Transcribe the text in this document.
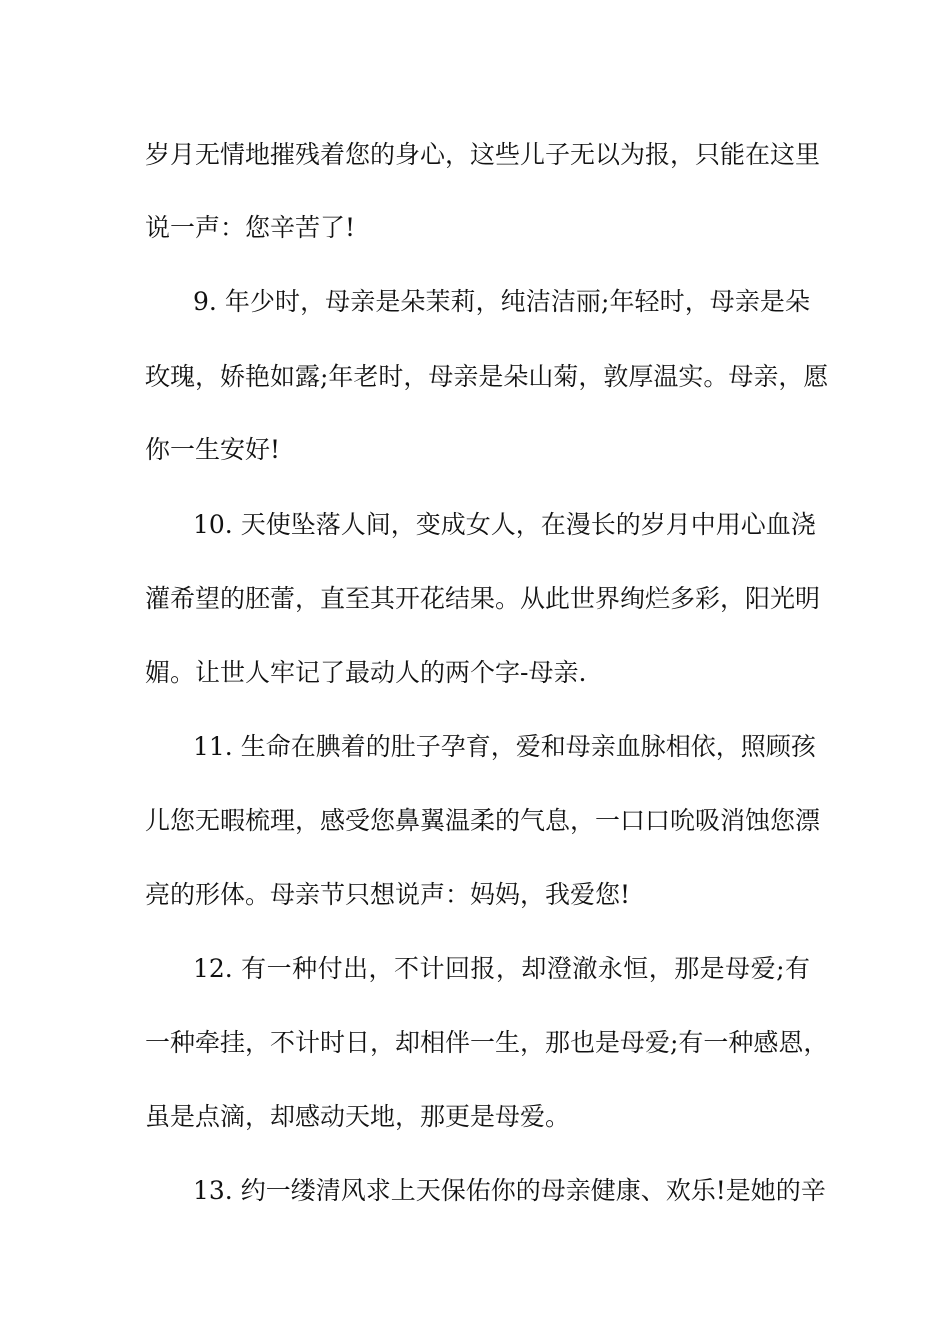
岁月无情地摧残着您的身心，这些儿子无以为报，只能在这里
说一声：您辛苦了!
9. 年少时，母亲是朵茉莉，纯洁洁丽;年轻时，母亲是朵
玫瑰，娇艳如露;年老时，母亲是朵山菊，敦厚温实。母亲，愿
你一生安好!
10. 天使坠落人间，变成女人，在漫长的岁月中用心血浇
灌希望的胚蕾，直至其开花结果。从此世界绚烂多彩，阳光明
媚。让世人牢记了最动人的两个字-母亲.
11. 生命在腆着的肚子孕育，爱和母亲血脉相依，照顾孩
儿您无暇梳理，感受您鼻翼温柔的气息，一口口吮吸消蚀您漂
亮的形体。母亲节只想说声：妈妈，我爱您!
12. 有一种付出，不计回报，却澄澈永恒，那是母爱;有
一种牵挂，不计时日，却相伴一生，那也是母爱;有一种感恩，
虽是点滴，却感动天地，那更是母爱。
13. 约一缕清风求上天保佑你的母亲健康、欢乐!是她的辛
